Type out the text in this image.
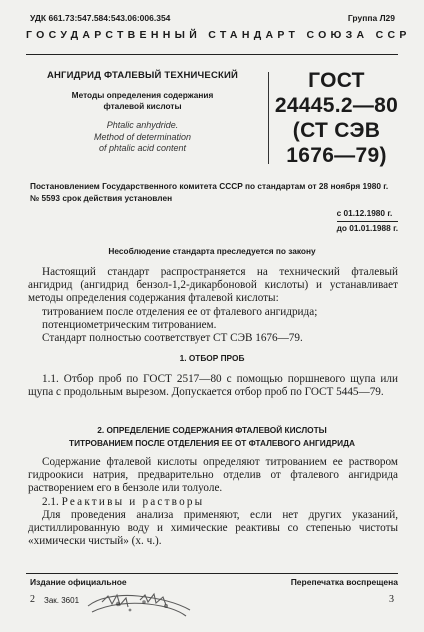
УДК 661.73:547.584:543.06:006.354	Группа Л29
ГОСУДАРСТВЕННЫЙ СТАНДАРТ СОЮЗА ССР
АНГИДРИД ФТАЛЕВЫЙ ТЕХНИЧЕСКИЙ
Методы определения содержания
фталевой кислоты
Phtalic anhydride.
Method of determination
of phtalic acid content
ГОСТ
24445.2—80
(СТ СЭВ
1676—79)
Постановлением Государственного комитета СССР по стандартам от 28 ноября 1980 г. № 5593 срок действия установлен
с 01.12.1980 г.
до 01.01.1988 г.
Несоблюдение стандарта преследуется по закону
Настоящий стандарт распространяется на технический фталевый ангидрид (ангидрид бензол-1,2-дикарбоновой кислоты) и устанавливает методы определения содержания фталевой кислоты:
титрованием после отделения ее от фталевого ангидрида;
потенциометрическим титрованием.
Стандарт полностью соответствует СТ СЭВ 1676—79.
1. ОТБОР ПРОБ
1.1. Отбор проб по ГОСТ 2517—80 с помощью поршневого щупа или щупа с продольным вырезом. Допускается отбор проб по ГОСТ 5445—79.
2. ОПРЕДЕЛЕНИЕ СОДЕРЖАНИЯ ФТАЛЕВОЙ КИСЛОТЫ
ТИТРОВАНИЕМ ПОСЛЕ ОТДЕЛЕНИЯ ЕЕ ОТ ФТАЛЕВОГО АНГИДРИДА
Содержание фталевой кислоты определяют титрованием ее раствором гидроокиси натрия, предварительно отделив от фталевого ангидрида растворением его в бензоле или толуоле.
2.1. Реактивы и растворы
Для проведения анализа применяют, если нет других указаний, дистиллированную воду и химические реактивы со степенью чистоты «химически чистый» (х. ч.).
Издание официальное	Перепечатка воспрещена
2 Зак. 3601	3
